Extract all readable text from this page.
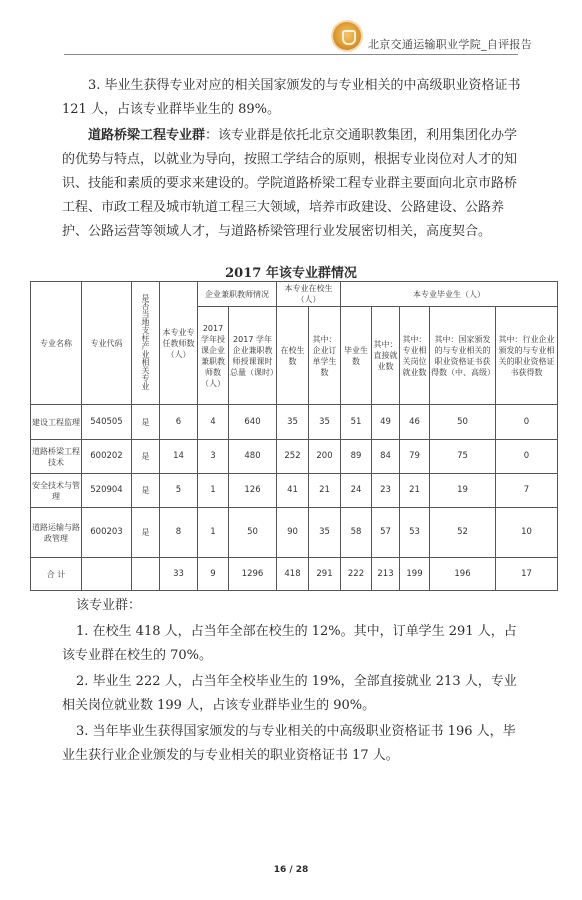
北京交通运输职业学院_自评报告

3. 毕业生获得专业对应的相关国家颁发的与专业相关的中高级职业资格证书 121 人，占该专业群毕业生的 89%。

道路桥梁工程专业群：该专业群是依托北京交通职教集团，利用集团化办学的优势与特点，以就业为导向，按照工学结合的原则，根据专业岗位对人才的知识、技能和素质的要求来建设的。学院道路桥梁工程专业群主要面向北京市路桥工程、市政工程及城市轨道工程三大领域，培养市政建设、公路建设、公路养护、公路运营等领域人才，与道路桥梁管理行业发展密切相关，高度契合。

2017 年该专业群情况
专业名称	专业代码	是否当地支柱产业相关专业	本专业专任教师数（人）	企业兼职教师情况		本专业在校生（人）		本专业毕业生（人）				
				2017 学年授课企业兼职教师数（人）	2017 学年企业兼职教师授课课时总量（课时）	在校生数	其中：企业订单学生数	毕业生数	其中：直接就业数	其中：专业相关岗位就业数	其中：国家颁发的与专业相关的职业资格证书获得数（中、高级）	其中：行业企业颁发的与专业相关的职业资格证书获得数
建设工程监理	540505	是	6	4	640	35	35	51	49	46	50	0
道路桥梁工程技术	600202	是	14	3	480	252	200	89	84	79	75	0
安全技术与管理	520904	是	5	1	126	41	21	24	23	21	19	7
道路运输与路政管理	600203	是	8	1	50	90	35	58	57	53	52	10
合 计			33	9	1296	418	291	222	213	199	196	17

该专业群：

1. 在校生 418 人，占当年全部在校生的 12%。其中，订单学生 291 人，占该专业群在校生的 70%。

2. 毕业生 222 人，占当年全校毕业生的 19%，全部直接就业 213 人，专业相关岗位就业数 199 人，占该专业群毕业生的 90%。

3. 当年毕业生获得国家颁发的与专业相关的中高级职业资格证书 196 人，毕业生获行业企业颁发的与专业相关的职业资格证书 17 人。

16 / 28
